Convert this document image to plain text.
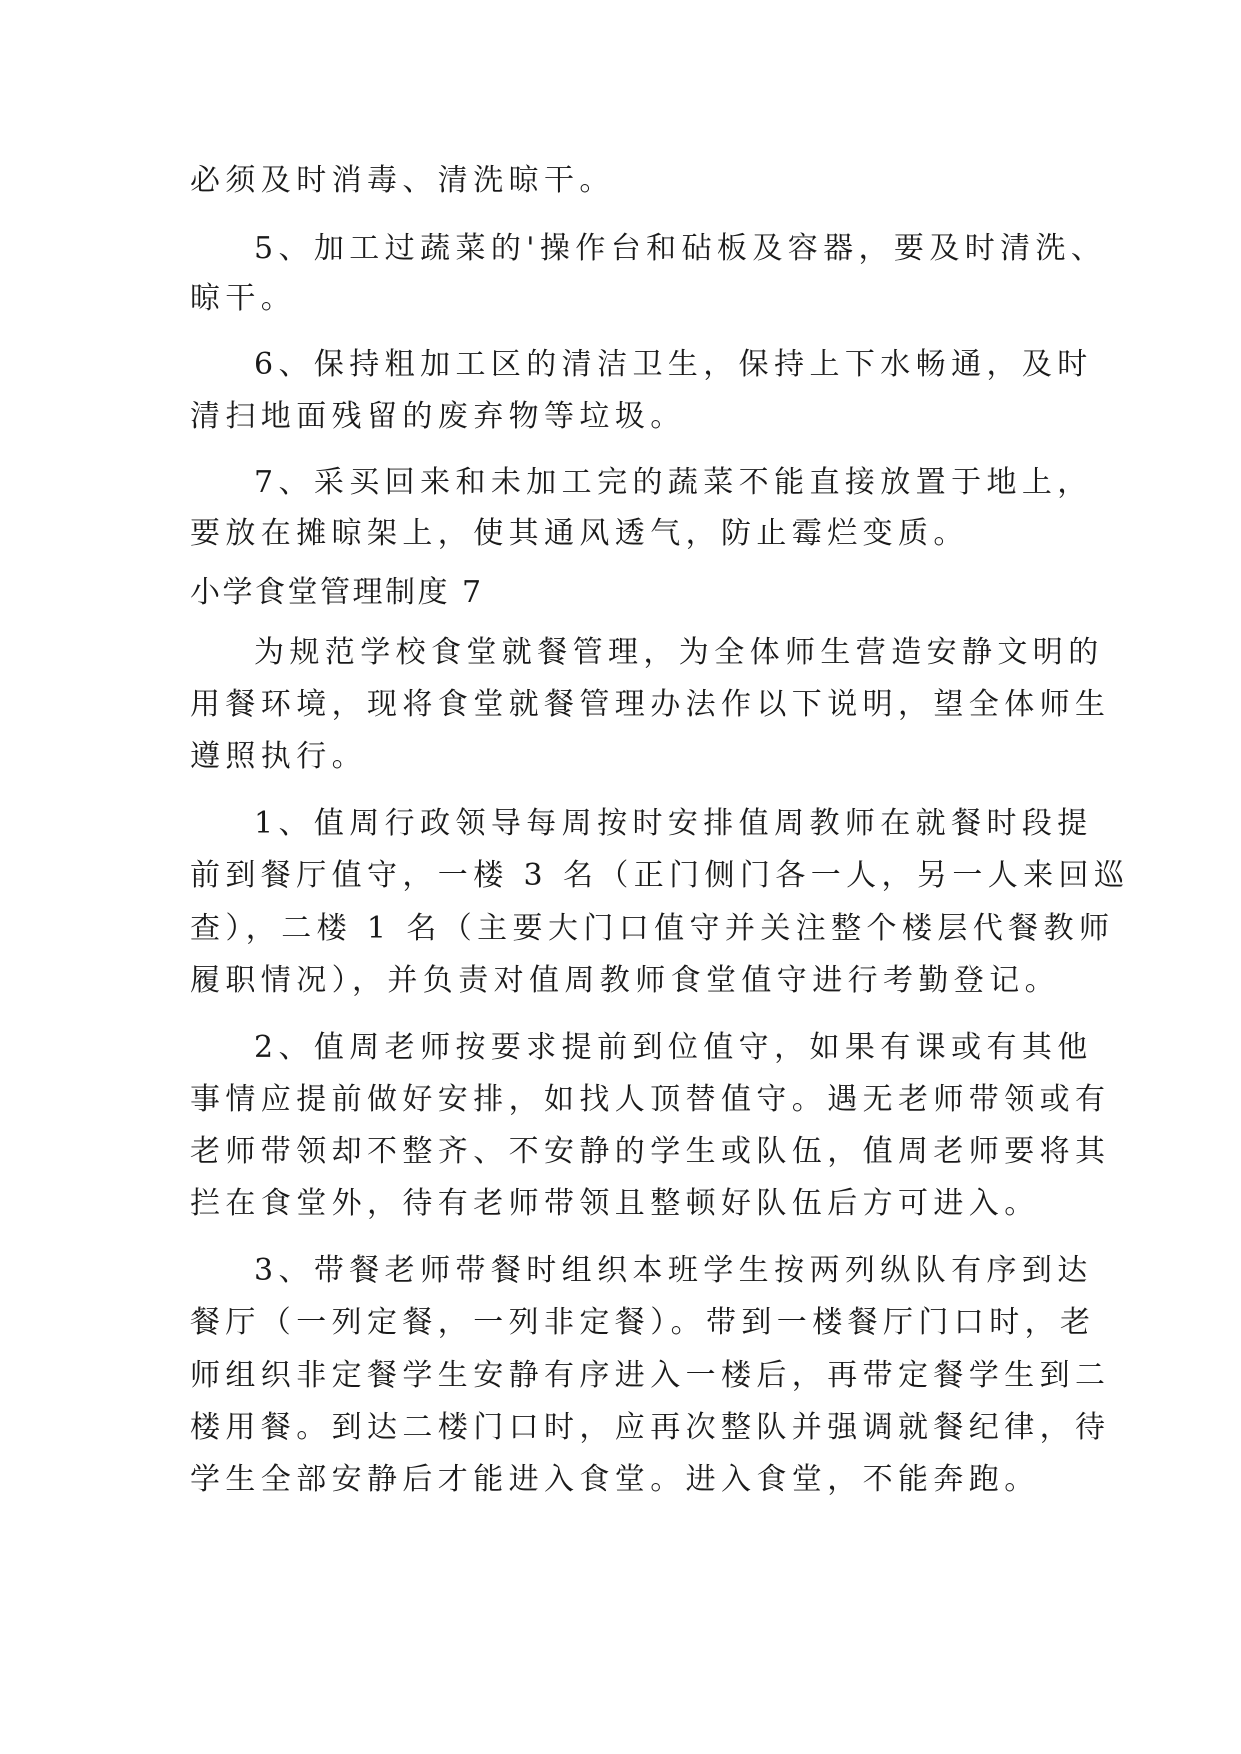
必须及时消毒、清洗晾干。
5、加工过蔬菜的'操作台和砧板及容器，要及时清洗、
晾干。
6、保持粗加工区的清洁卫生，保持上下水畅通，及时
清扫地面残留的废弃物等垃圾。
7、采买回来和未加工完的蔬菜不能直接放置于地上，
要放在摊晾架上，使其通风透气，防止霉烂变质。
小学食堂管理制度 7
为规范学校食堂就餐管理，为全体师生营造安静文明的
用餐环境，现将食堂就餐管理办法作以下说明，望全体师生
遵照执行。
1、值周行政领导每周按时安排值周教师在就餐时段提
前到餐厅值守，一楼 3 名（正门侧门各一人，另一人来回巡
查），二楼 1 名（主要大门口值守并关注整个楼层代餐教师
履职情况），并负责对值周教师食堂值守进行考勤登记。
2、值周老师按要求提前到位值守，如果有课或有其他
事情应提前做好安排，如找人顶替值守。遇无老师带领或有
老师带领却不整齐、不安静的学生或队伍，值周老师要将其
拦在食堂外，待有老师带领且整顿好队伍后方可进入。
3、带餐老师带餐时组织本班学生按两列纵队有序到达
餐厅（一列定餐，一列非定餐）。带到一楼餐厅门口时，老
师组织非定餐学生安静有序进入一楼后，再带定餐学生到二
楼用餐。到达二楼门口时，应再次整队并强调就餐纪律，待
学生全部安静后才能进入食堂。进入食堂，不能奔跑。
